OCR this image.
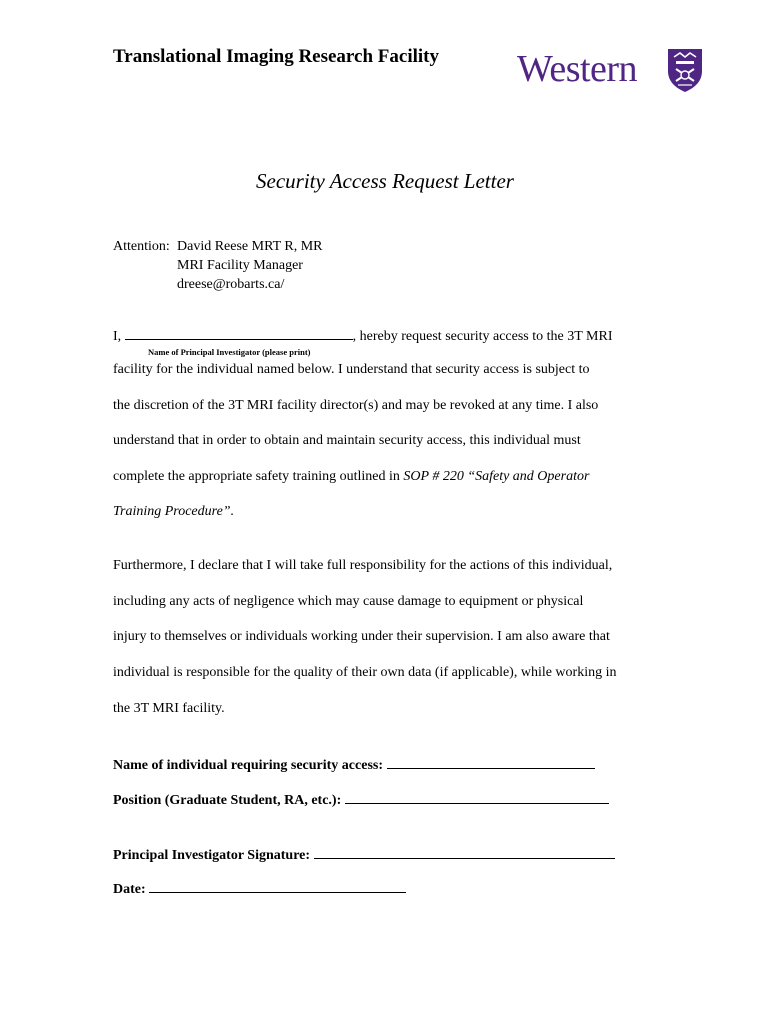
Translational Imaging Research Facility Western
Security Access Request Letter
Attention: David Reese MRT R, MR
MRI Facility Manager
dreese@robarts.ca/
I,	, hereby request security access to the 3T MRI
Name of Principal Investigator (please print)
facility for the individual named below. I understand that security access is subject to
the discretion of the 3T MRI facility director(s) and may be revoked at any time. I also
understand that in order to obtain and maintain security access, this individual must
complete the appropriate safety training outlined in SOP # 220 “Safety and Operator
Training Procedure”.
Furthermore, I declare that I will take full responsibility for the actions of this individual,
including any acts of negligence which may cause damage to equipment or physical
injury to themselves or individuals working under their supervision. I am also aware that
individual is responsible for the quality of their own data (if applicable), while working in
the 3T MRI facility.
Name of individual requiring security access:
Position (Graduate Student, RA, etc.):
Principal Investigator Signature:
Date:
